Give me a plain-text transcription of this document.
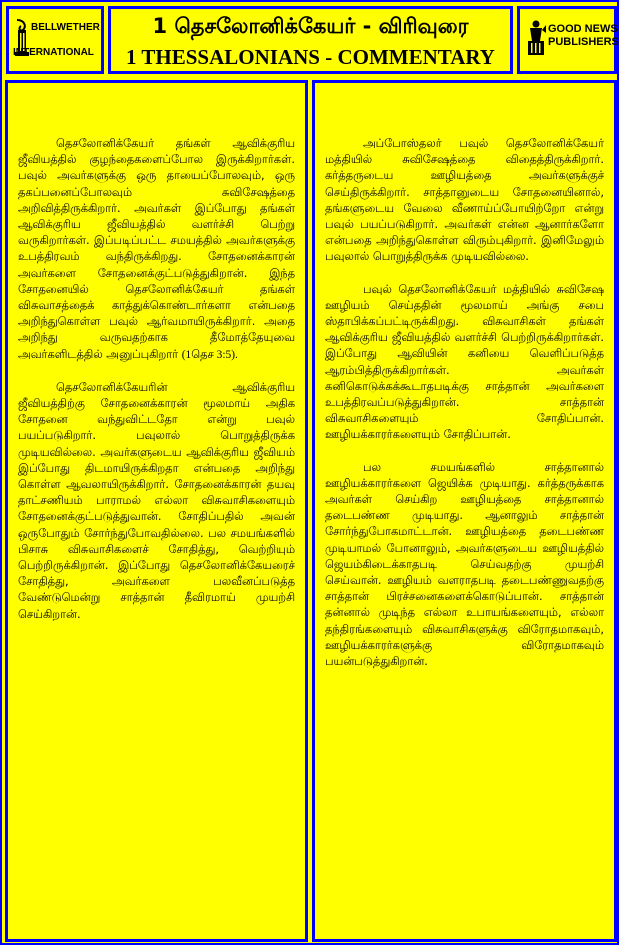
BELLWETHER
INTERNATIONAL
1 தெசலோனிக்கேயர் - விரிவுரை
1 THESSALONIANS - COMMENTARY
GOOD NEWS
PUBLISHERS

தெசலோனிக்கேயர் தங்கள் ஆவிக்குரிய ஜீவியத்தில் குழந்தைகளைப்போல இருக்கிறார்கள். பவுல் அவர்களுக்கு ஒரு தாயைப்போலவும், ஒரு தகப்பனைப்போலவும் சுவிசேஷத்தை அறிவித்திருக்கிறார். அவர்கள் இப்போது தங்கள் ஆவிக்குரிய ஜீவியத்தில் வளர்ச்சி பெற்று வருகிறார்கள். இப்படிப்பட்ட சமயத்தில் அவர்களுக்கு உபத்திரவம் வந்திருக்கிறது. சோதனைக்காரன் அவர்களை சோதனைக்குட்படுத்துகிறான். இந்த சோதனையில் தெசலோனிக்கேயர் தங்கள் விசுவாசத்தைக் காத்துக்கொண்டார்களா என்பதை அறிந்துகொள்ள பவுல் ஆர்வமாயிருக்கிறார். அதை அறிந்து வருவதற்காக தீமோத்தேயுவை அவர்களிடத்தில் அனுப்புகிறார் (1தெச 3:5).

தெசலோனிக்கேயரின் ஆவிக்குரிய ஜீவியத்திற்கு சோதனைக்காரன் மூலமாய் அதிக சோதனை வந்துவிட்டதோ என்று பவுல் பயப்படுகிறார். பவுலால் பொறுத்திருக்க முடியவில்லை. அவர்களுடைய ஆவிக்குரிய ஜீவியம் இப்போது திடமாயிருக்கிறதா என்பதை அறிந்து கொள்ள ஆவலாயிருக்கிறார். சோதனைக்காரன் தயவு தாட்சணியம் பாராமல் எல்லா விசுவாசிகளையும் சோதனைக்குட்படுத்துவான். சோதிப்பதில் அவன் ஒருபோதும் சோர்ந்துபோவதில்லை. பல சமயங்களில் பிசாசு விசுவாசிகளைச் சோதித்து, வெற்றியும் பெற்றிருக்கிறான். இப்போது தெசலோனிக்கேயரைச் சோதித்து, அவர்களை பலவீனப்படுத்த வேண்டுமென்று சாத்தான் தீவிரமாய் முயற்சி செய்கிறான்.

அப்போஸ்தலர் பவுல் தெசலோனிக்கேயர் மத்தியில் சுவிசேஷத்தை விதைத்திருக்கிறார். கர்த்தருடைய ஊழியத்தை அவர்களுக்குச் செய்திருக்கிறார். சாத்தானுடைய சோதனையினால், தங்களுடைய வேலை வீணாய்ப்போயிற்றோ என்று பவுல் பயப்படுகிறார். அவர்கள் என்ன ஆனார்களோ என்பதை அறிந்துகொள்ள விரும்புகிறார். இனிமேலும் பவுலால் பொறுத்திருக்க முடியவில்லை.

பவுல் தெசலோனிக்கேயர் மத்தியில் சுவிசேஷ ஊழியம் செய்ததின் மூலமாய் அங்கு சபை ஸ்தாபிக்கப்பட்டிருக்கிறது. விசுவாசிகள் தங்கள் ஆவிக்குரிய ஜீவியத்தில் வளர்ச்சி பெற்றிருக்கிறார்கள். இப்போது ஆவியின் கனியை வெளிப்படுத்த ஆரம்பித்திருக்கிறார்கள். அவர்கள் கனிகொடுக்கக்கூடாதபடிக்கு சாத்தான் அவர்களை உபத்திரவப்படுத்துகிறான். சாத்தான் விசுவாசிகளையும் சோதிப்பான். ஊழியக்காரர்களையும் சோதிப்பான்.

பல சமயங்களில் சாத்தானால் ஊழியக்காரர்களை ஜெயிக்க முடியாது. கர்த்தருக்காக அவர்கள் செய்கிற ஊழியத்தை சாத்தானால் தடைபண்ண முடியாது. ஆனாலும் சாத்தான் சோர்ந்துபோகமாட்டான். ஊழியத்தை தடைபண்ண முடியாமல் போனாலும், அவர்களுடைய ஊழியத்தில் ஜெயம்கிடைக்காதபடி செய்வதற்கு முயற்சி செய்வான். ஊழியம் வளராதபடி தடைபண்ணுவதற்கு சாத்தான் பிரச்சனைகளைக்கொடுப்பான். சாத்தான் தன்னால் முடிந்த எல்லா உபாயங்களையும், எல்லா தந்திரங்களையும் விசுவாசிகளுக்கு விரோதமாகவும், ஊழியக்காரர்களுக்கு விரோதமாகவும் பயன்படுத்துகிறான்.
